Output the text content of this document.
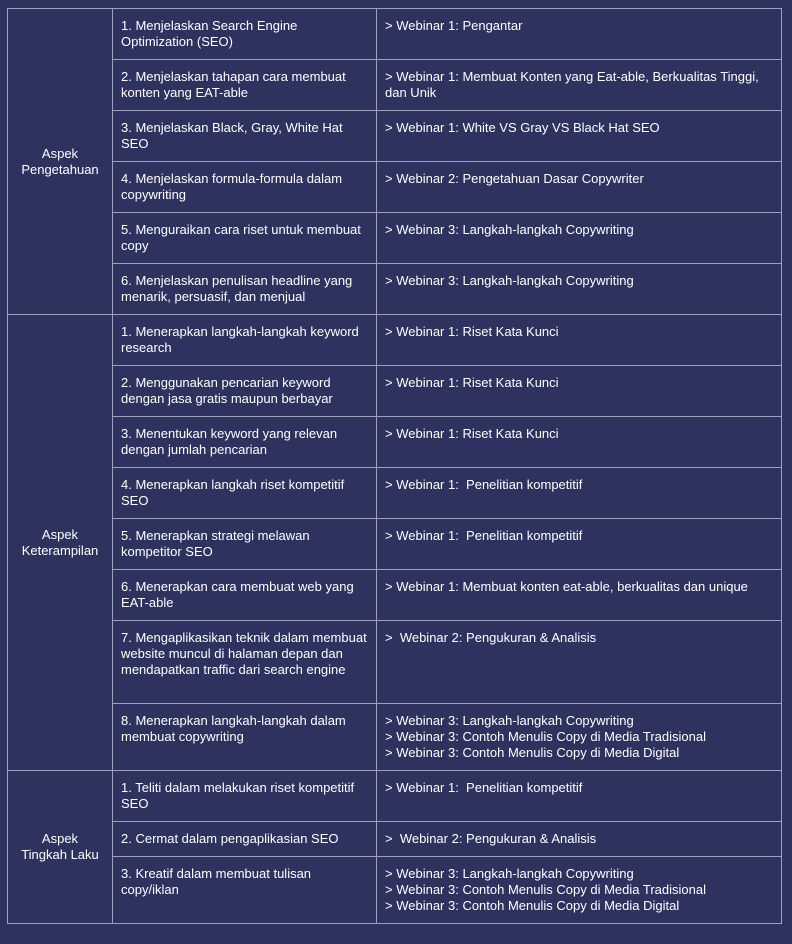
Aspek
Pengetahuan	1. Menjelaskan Search Engine Optimization (SEO)	> Webinar 1: Pengantar

	2. Menjelaskan tahapan cara membuat konten yang EAT-able	> Webinar 1: Membuat Konten yang Eat-able, Berkualitas Tinggi, dan Unik

	3. Menjelaskan Black, Gray, White Hat SEO	> Webinar 1: White VS Gray VS Black Hat SEO

	4. Menjelaskan formula-formula dalam copywriting	> Webinar 2: Pengetahuan Dasar Copywriter

	5. Menguraikan cara riset untuk membuat copy	> Webinar 3: Langkah-langkah Copywriting

	6. Menjelaskan penulisan headline yang menarik, persuasif, dan menjual	> Webinar 3: Langkah-langkah Copywriting

Aspek
Keterampilan	1. Menerapkan langkah-langkah keyword research	> Webinar 1: Riset Kata Kunci

	2. Menggunakan pencarian keyword dengan jasa gratis maupun berbayar	> Webinar 1: Riset Kata Kunci

	3. Menentukan keyword yang relevan dengan jumlah pencarian	> Webinar 1: Riset Kata Kunci

	4. Menerapkan langkah riset kompetitif SEO	> Webinar 1:  Penelitian kompetitif

	5. Menerapkan strategi melawan kompetitor SEO	> Webinar 1:  Penelitian kompetitif

	6. Menerapkan cara membuat web yang EAT-able	> Webinar 1: Membuat konten eat-able, berkualitas dan unique

	7. Mengaplikasikan teknik dalam membuat website muncul di halaman depan dan mendapatkan traffic dari search engine	>  Webinar 2: Pengukuran & Analisis

	8. Menerapkan langkah-langkah dalam membuat copywriting	> Webinar 3: Langkah-langkah Copywriting
> Webinar 3: Contoh Menulis Copy di Media Tradisional
> Webinar 3: Contoh Menulis Copy di Media Digital

Aspek
Tingkah Laku	1. Teliti dalam melakukan riset kompetitif SEO	> Webinar 1:  Penelitian kompetitif

	2. Cermat dalam pengaplikasian SEO	>  Webinar 2: Pengukuran & Analisis

	3. Kreatif dalam membuat tulisan copy/iklan	> Webinar 3: Langkah-langkah Copywriting
> Webinar 3: Contoh Menulis Copy di Media Tradisional
> Webinar 3: Contoh Menulis Copy di Media Digital
